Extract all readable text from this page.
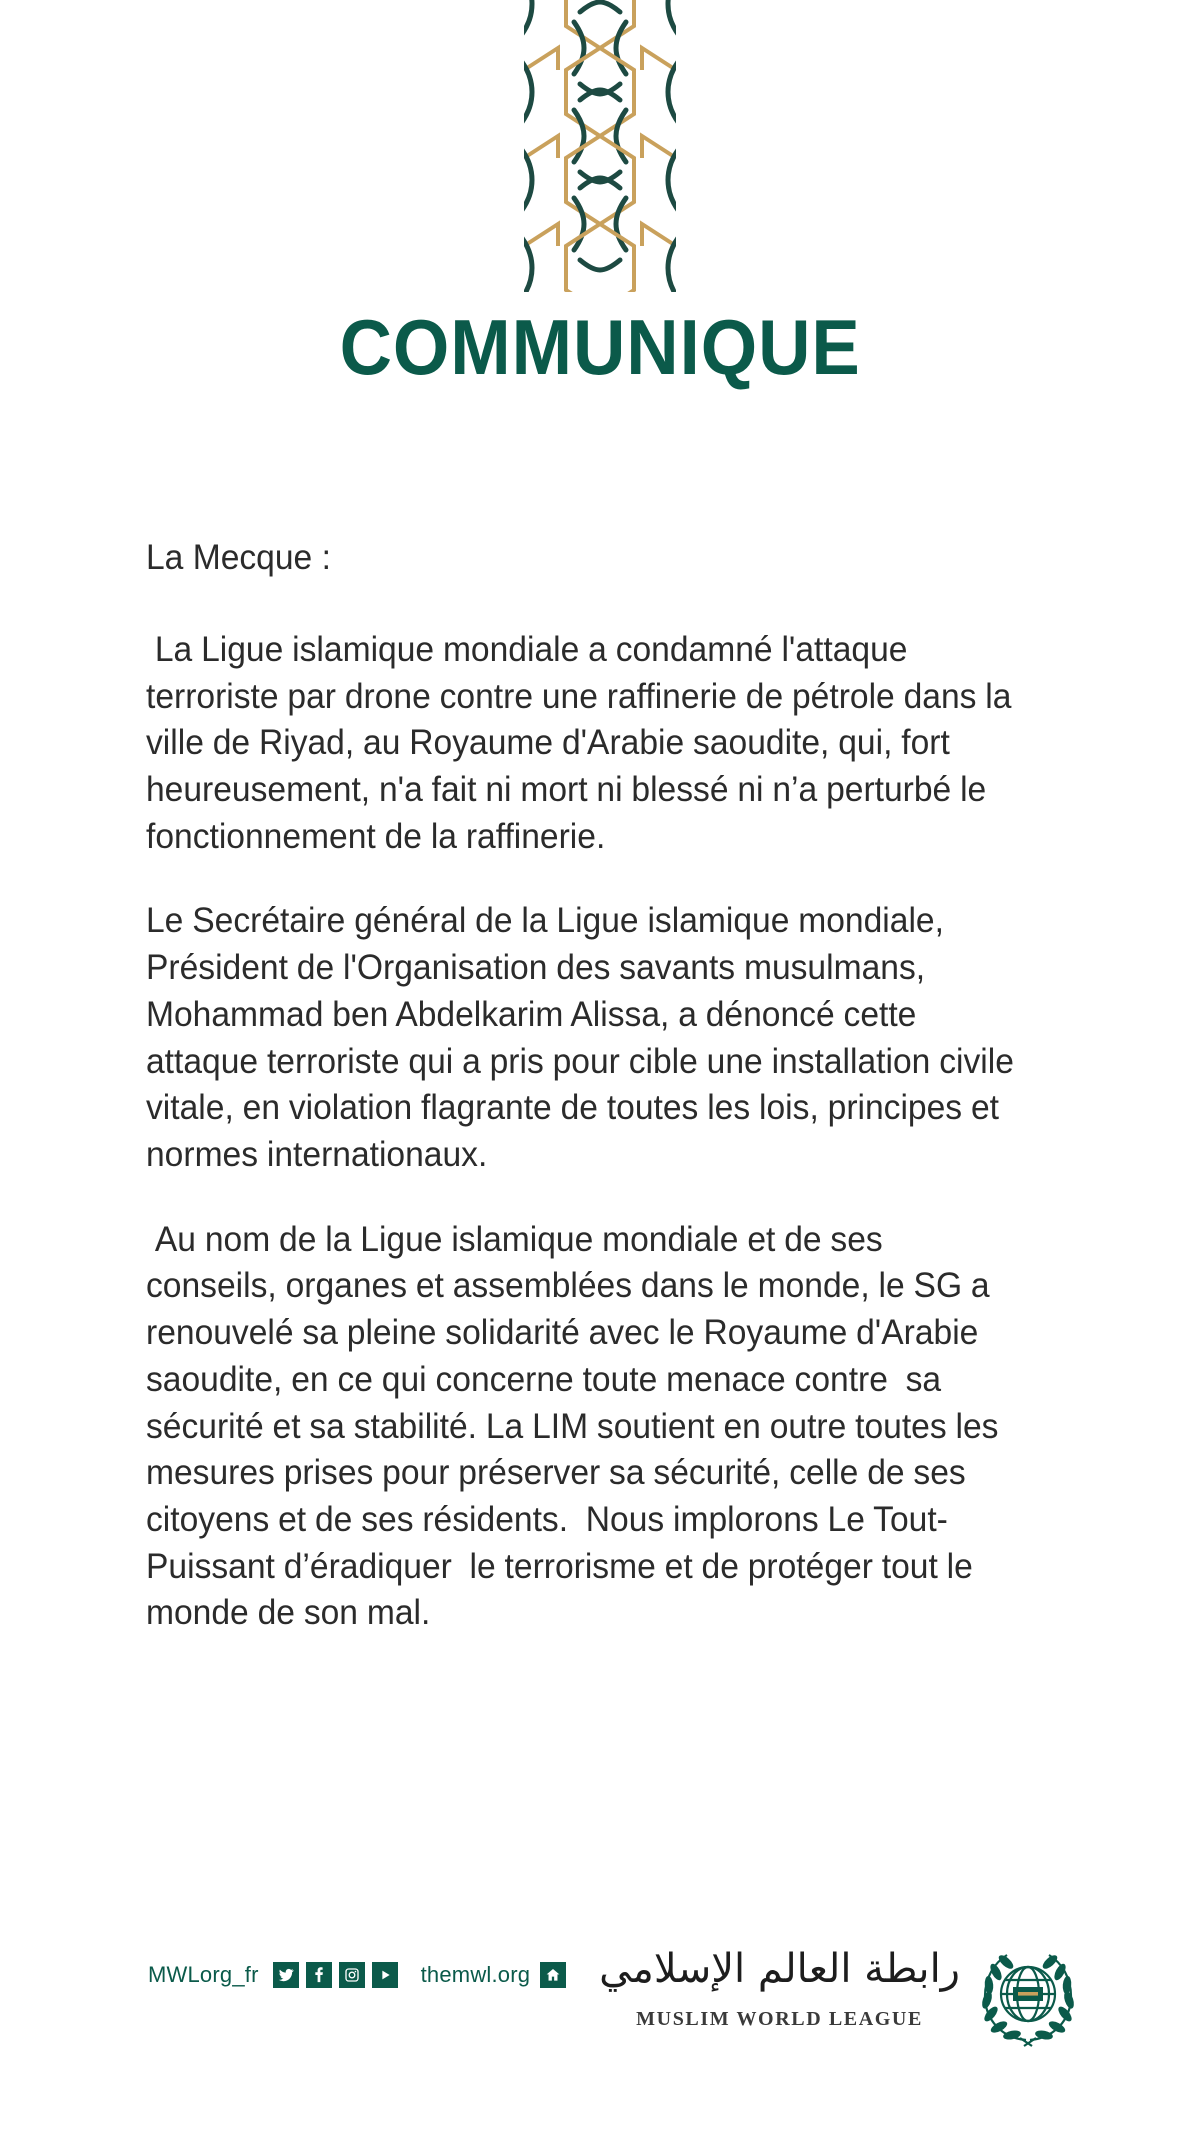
COMMUNIQUE
La Mecque :

La Ligue islamique mondiale a condamné l'attaque terroriste par drone contre une raffinerie de pétrole dans la ville de Riyad, au Royaume d'Arabie saoudite, qui, fort heureusement, n'a fait ni mort ni blessé ni n’a perturbé le fonctionnement de la raffinerie.

Le Secrétaire général de la Ligue islamique mondiale, Président de l'Organisation des savants musulmans, Mohammad ben Abdelkarim Alissa, a dénoncé cette attaque terroriste qui a pris pour cible une installation civile vitale, en violation flagrante de toutes les lois, principes et normes internationaux.

Au nom de la Ligue islamique mondiale et de ses conseils, organes et assemblées dans le monde, le SG a renouvelé sa pleine solidarité avec le Royaume d'Arabie saoudite, en ce qui concerne toute menace contre  sa sécurité et sa stabilité. La LIM soutient en outre toutes les mesures prises pour préserver sa sécurité, celle de ses citoyens et de ses résidents.  Nous implorons Le Tout-Puissant d’éradiquer  le terrorisme et de protéger tout le monde de son mal.

MWLorg_fr	themwl.org رابطة العالم الإسلامي
MUSLIM WORLD LEAGUE
